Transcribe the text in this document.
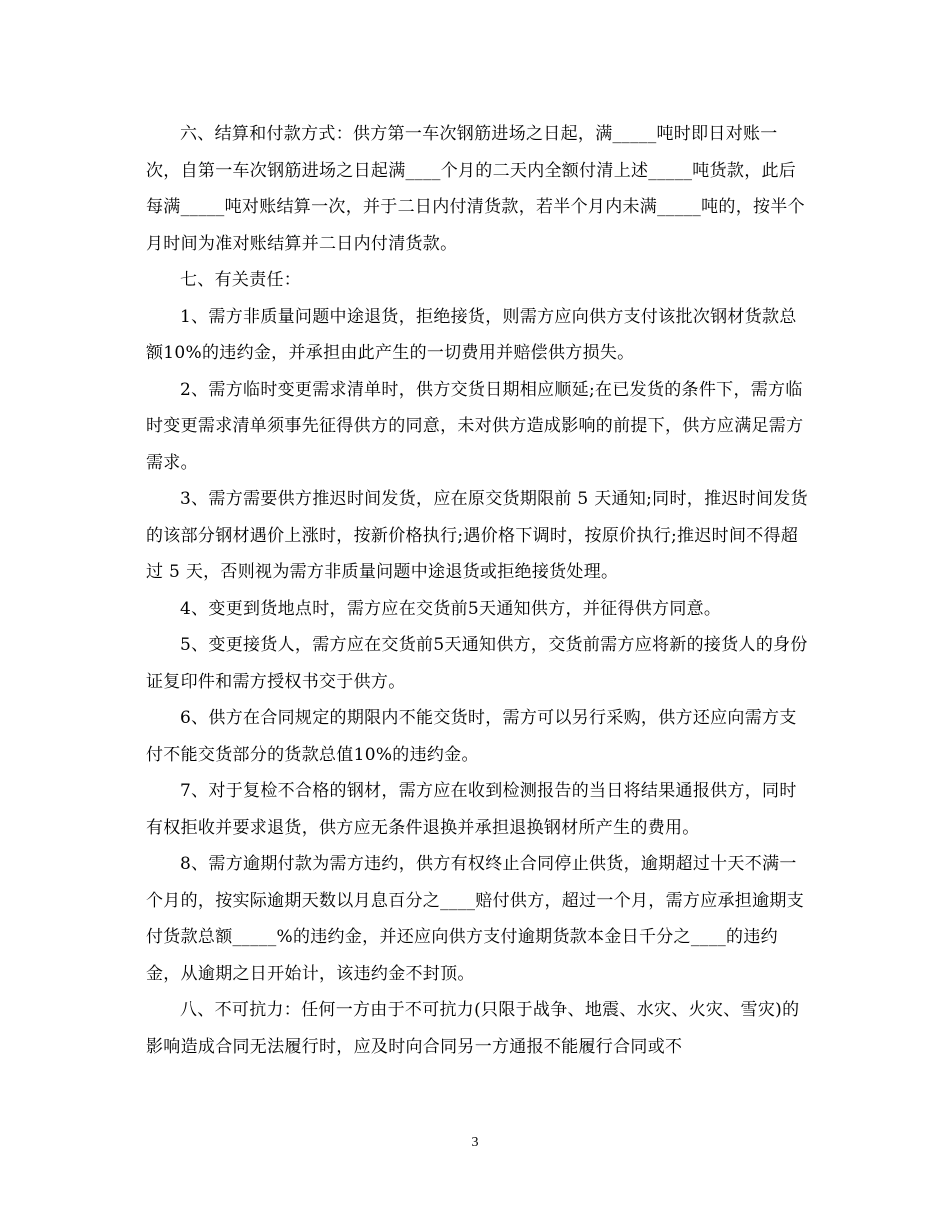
六、结算和付款方式：供方第一车次钢筋进场之日起，满_____吨时即日对账一次，自第一车次钢筋进场之日起满____个月的二天内全额付清上述_____吨货款，此后每满_____吨对账结算一次，并于二日内付清货款，若半个月内未满_____吨的，按半个月时间为准对账结算并二日内付清货款。

七、有关责任：

1、需方非质量问题中途退货，拒绝接货，则需方应向供方支付该批次钢材货款总额10%的违约金，并承担由此产生的一切费用并赔偿供方损失。

2、需方临时变更需求清单时，供方交货日期相应顺延;在已发货的条件下，需方临时变更需求清单须事先征得供方的同意，未对供方造成影响的前提下，供方应满足需方需求。

3、需方需要供方推迟时间发货，应在原交货期限前 5 天通知;同时，推迟时间发货的该部分钢材遇价上涨时，按新价格执行;遇价格下调时，按原价执行;推迟时间不得超过 5 天，否则视为需方非质量问题中途退货或拒绝接货处理。

4、变更到货地点时，需方应在交货前5天通知供方，并征得供方同意。

5、变更接货人，需方应在交货前5天通知供方，交货前需方应将新的接货人的身份证复印件和需方授权书交于供方。

6、供方在合同规定的期限内不能交货时，需方可以另行采购，供方还应向需方支付不能交货部分的货款总值10%的违约金。

7、对于复检不合格的钢材，需方应在收到检测报告的当日将结果通报供方，同时有权拒收并要求退货，供方应无条件退换并承担退换钢材所产生的费用。

8、需方逾期付款为需方违约，供方有权终止合同停止供货，逾期超过十天不满一个月的，按实际逾期天数以月息百分之____赔付供方，超过一个月，需方应承担逾期支付货款总额_____%的违约金，并还应向供方支付逾期货款本金日千分之____的违约金，从逾期之日开始计，该违约金不封顶。

八、不可抗力：任何一方由于不可抗力(只限于战争、地震、水灾、火灾、雪灾)的影响造成合同无法履行时，应及时向合同另一方通报不能履行合同或不

3
